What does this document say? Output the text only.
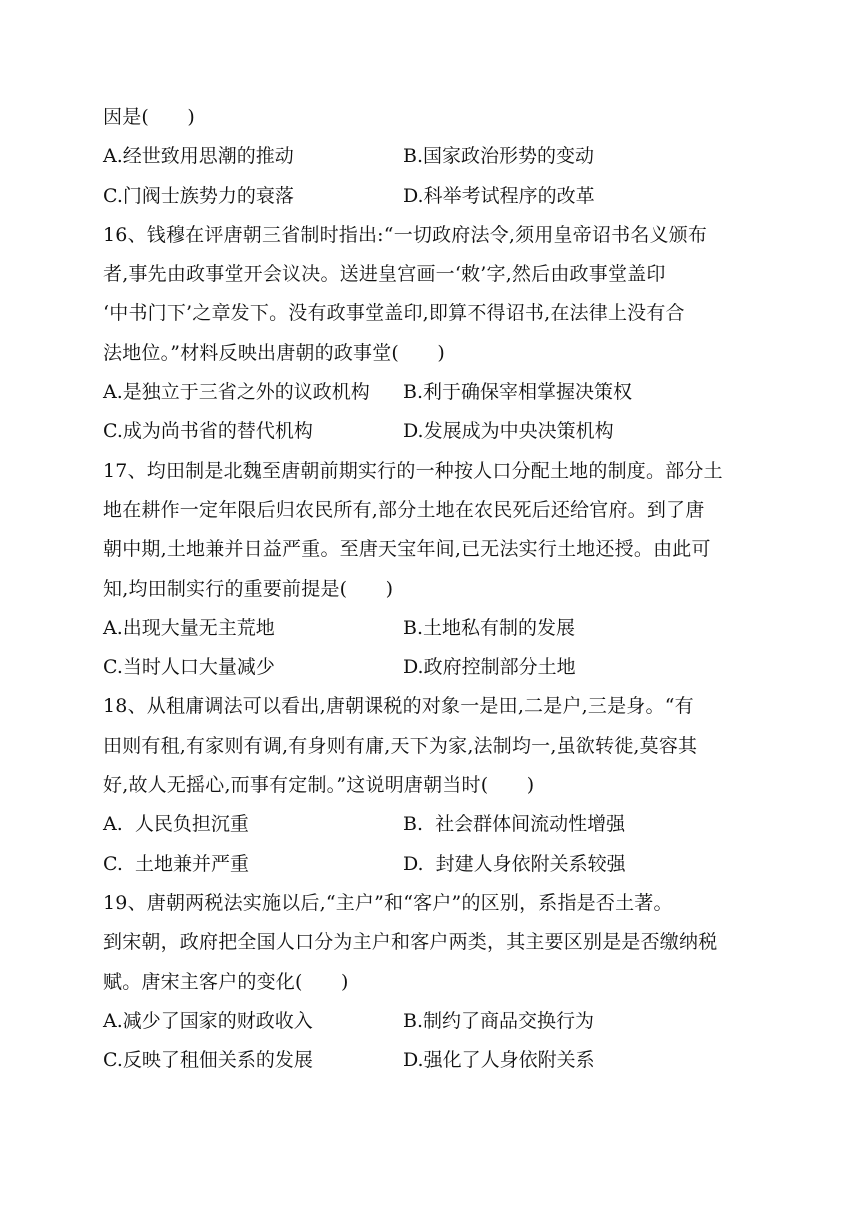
因是(　　)
A.经世致用思潮的推动	B.国家政治形势的变动
C.门阀士族势力的衰落	D.科举考试程序的改革
16、钱穆在评唐朝三省制时指出:“一切政府法令,须用皇帝诏书名义颁布
者,事先由政事堂开会议决。送进皇宫画一‘敕’字,然后由政事堂盖印
‘中书门下’之章发下。没有政事堂盖印,即算不得诏书,在法律上没有合
法地位。”材料反映出唐朝的政事堂(　　)
A.是独立于三省之外的议政机构	B.利于确保宰相掌握决策权
C.成为尚书省的替代机构	D.发展成为中央决策机构
17、均田制是北魏至唐朝前期实行的一种按人口分配土地的制度。部分土
地在耕作一定年限后归农民所有,部分土地在农民死后还给官府。到了唐
朝中期,土地兼并日益严重。至唐天宝年间,已无法实行土地还授。由此可
知,均田制实行的重要前提是(　　)
A.出现大量无主荒地	B.土地私有制的发展
C.当时人口大量减少	D.政府控制部分土地
18、从租庸调法可以看出,唐朝课税的对象一是田,二是户,三是身。“有
田则有租,有家则有调,有身则有庸,天下为家,法制均一,虽欲转徙,莫容其
好,故人无摇心,而事有定制。”这说明唐朝当时(　　)
A.  人民负担沉重	B.  社会群体间流动性增强
C.  土地兼并严重	D.  封建人身依附关系较强
19、唐朝两税法实施以后,“主户”和“客户”的区别，系指是否土著。
到宋朝，政府把全国人口分为主户和客户两类，其主要区别是是否缴纳税
赋。唐宋主客户的变化(　　)
A.减少了国家的财政收入	B.制约了商品交换行为
C.反映了租佃关系的发展	D.强化了人身依附关系
